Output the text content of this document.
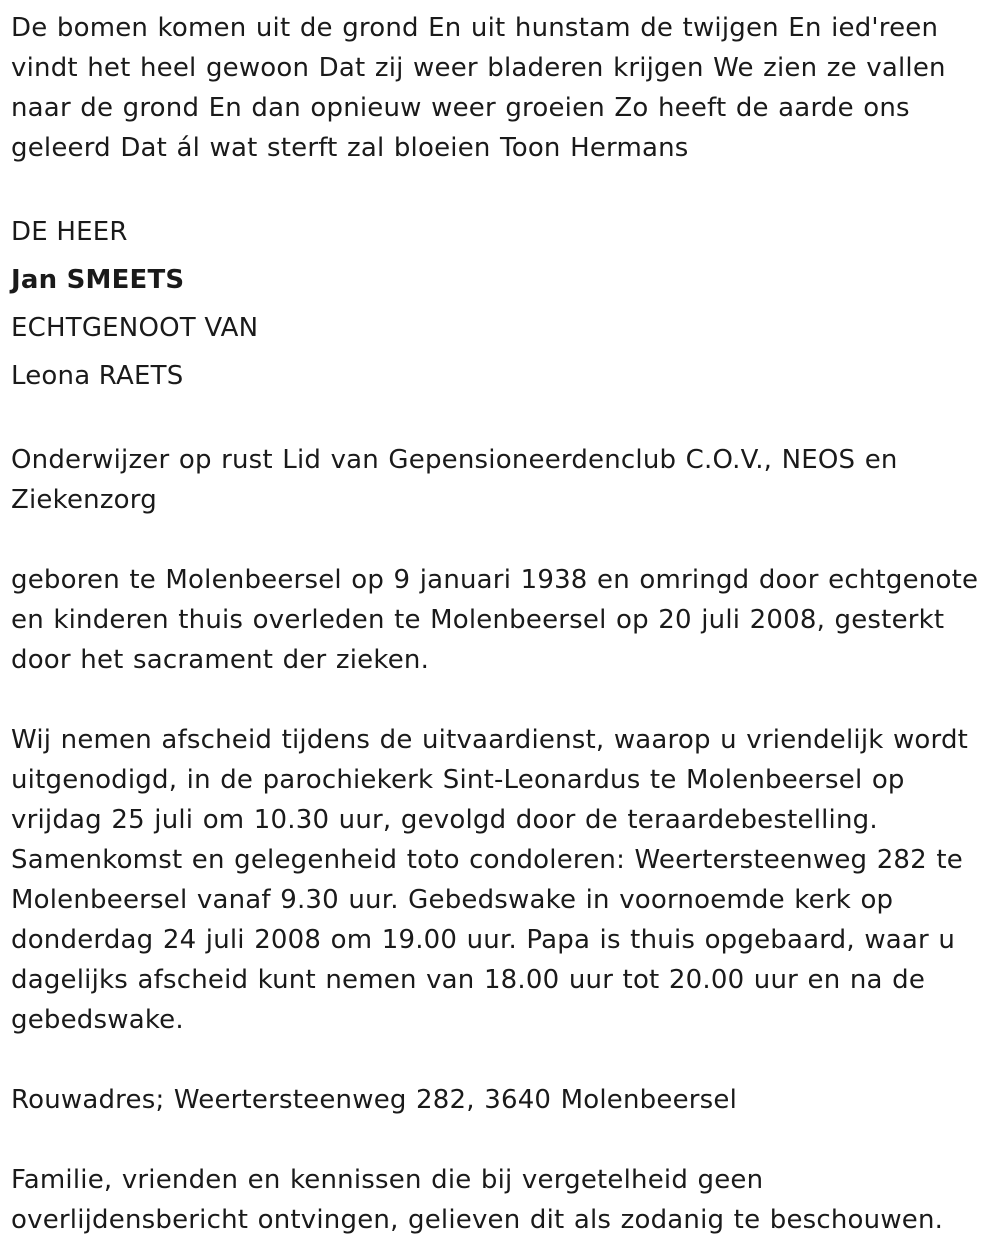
De bomen komen uit de grond En uit hunstam de twijgen En ied'reen vindt het heel gewoon Dat zij weer bladeren krijgen We zien ze vallen naar de grond En dan opnieuw weer groeien Zo heeft de aarde ons geleerd Dat ál wat sterft zal bloeien Toon Hermans

DE HEER

Jan SMEETS

ECHTGENOOT VAN

Leona RAETS

Onderwijzer op rust Lid van Gepensioneerdenclub C.O.V., NEOS en Ziekenzorg

geboren te Molenbeersel op 9 januari 1938 en omringd door echtgenote en kinderen thuis overleden te Molenbeersel op 20 juli 2008, gesterkt door het sacrament der zieken.

Wij nemen afscheid tijdens de uitvaardienst, waarop u vriendelijk wordt uitgenodigd, in de parochiekerk Sint-Leonardus te Molenbeersel op vrijdag 25 juli om 10.30 uur, gevolgd door de teraardebestelling. Samenkomst en gelegenheid toto condoleren: Weertersteenweg 282 te Molenbeersel vanaf 9.30 uur. Gebedswake in voornoemde kerk op donderdag 24 juli 2008 om 19.00 uur. Papa is thuis opgebaard, waar u dagelijks afscheid kunt nemen van 18.00 uur tot 20.00 uur en na de gebedswake.

Rouwadres; Weertersteenweg 282, 3640 Molenbeersel

Familie, vrienden en kennissen die bij vergetelheid geen overlijdensbericht ontvingen, gelieven dit als zodanig te beschouwen.
